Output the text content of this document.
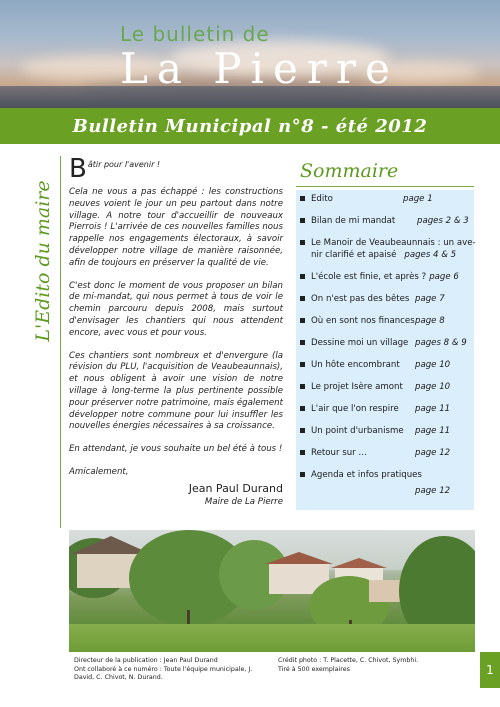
Le bulletin de
La Pierre
Bulletin Municipal n°8 - été 2012
L'Edito du maire
B âtir pour l'avenir !

Cela ne vous a pas échappé : les constructions neuves voient le jour un peu partout dans notre village. A notre tour d'accueillir de nouveaux Pierrois ! L'arrivée de ces nouvelles familles nous rappelle nos engagements électoraux, à savoir développer notre village de manière raisonnée, afin de toujours en préserver la qualité de vie.

C'est donc le moment de vous proposer un bilan de mi-mandat, qui nous permet à tous de voir le chemin parcouru depuis 2008, mais surtout d'envisager les chantiers qui nous attendent encore, avec vous et pour vous.

Ces chantiers sont nombreux et d'envergure (la révision du PLU, l'acquisition de Veaubeaunnais), et nous obligent à avoir une vision de notre village à long-terme la plus pertinente possible pour préserver notre patrimoine, mais également développer notre commune pour lui insuffler les nouvelles énergies nécessaires à sa croissance.

En attendant, je vous souhaite un bel été à tous !

Amicalement,

Jean Paul Durand
Maire de La Pierre
Sommaire
Edito	page 1
Bilan de mi mandat	pages 2 & 3
Le Manoir de Veaubeaunnais : un ave-
nir clarifié et apaisé pages 4 & 5
L'école est finie, et après ? page 6
On n'est pas des bêtes page 7
Où en sont nos finances page 8
Dessine moi un village pages 8 & 9
Un hôte encombrant page 10
Le projet Isère amont page 10
L'air que l'on respire page 11
Un point d'urbanisme page 11
Retour sur …	page 12
Agenda et infos pratiques
page 12
Directeur de la publication : Jean Paul Durand
Ont collaboré à ce numéro : Toute l'équipe municipale, J.
David, C. Chivot, N. Durand.
Crédit photo : T. Placette, C. Chivot, Symbhi.
Tiré à 500 exemplaires	1
